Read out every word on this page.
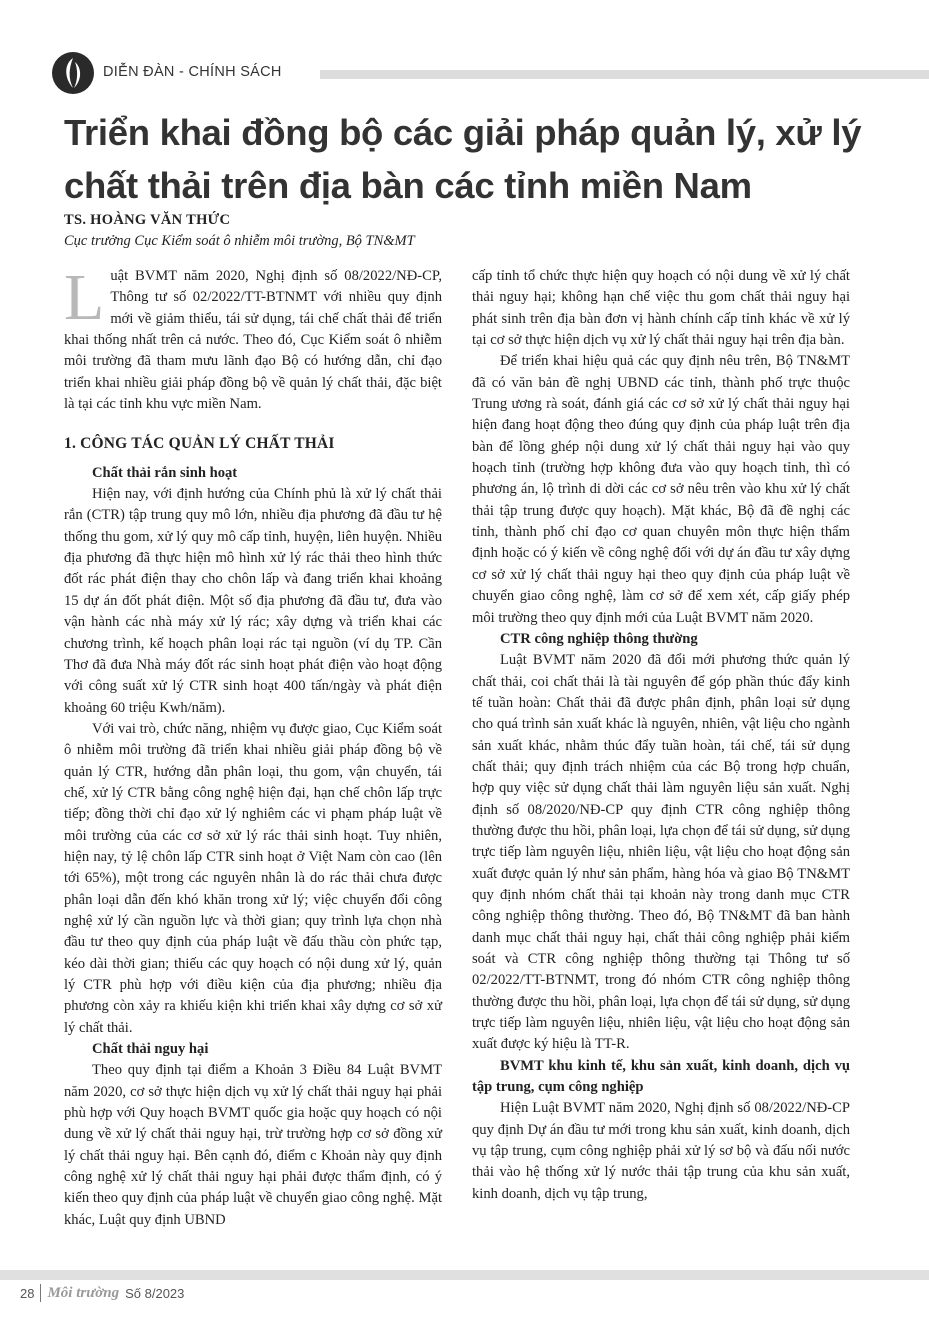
DIỄN ĐÀN - CHÍNH SÁCH
Triển khai đồng bộ các giải pháp quản lý, xử lý chất thải trên địa bàn các tỉnh miền Nam
TS. HOÀNG VĂN THỨC
Cục trưởng Cục Kiểm soát ô nhiễm môi trường, Bộ TN&MT

Luật BVMT năm 2020, Nghị định số 08/2022/NĐ-CP, Thông tư số 02/2022/TT-BTNMT với nhiều quy định mới về giảm thiểu, tái sử dụng, tái chế chất thải để triển khai thống nhất trên cả nước. Theo đó, Cục Kiểm soát ô nhiễm môi trường đã tham mưu lãnh đạo Bộ có hướng dẫn, chỉ đạo triển khai nhiều giải pháp đồng bộ về quản lý chất thải, đặc biệt là tại các tỉnh khu vực miền Nam.

1. CÔNG TÁC QUẢN LÝ CHẤT THẢI
Chất thải rắn sinh hoạt

Hiện nay, với định hướng của Chính phủ là xử lý chất thải rắn (CTR) tập trung quy mô lớn, nhiều địa phương đã đầu tư hệ thống thu gom, xử lý quy mô cấp tỉnh, huyện, liên huyện. Nhiều địa phương đã thực hiện mô hình xử lý rác thải theo hình thức đốt rác phát điện thay cho chôn lấp và đang triển khai khoảng 15 dự án đốt phát điện. Một số địa phương đã đầu tư, đưa vào vận hành các nhà máy xử lý rác; xây dựng và triển khai các chương trình, kế hoạch phân loại rác tại nguồn (ví dụ TP. Cần Thơ đã đưa Nhà máy đốt rác sinh hoạt phát điện vào hoạt động với công suất xử lý CTR sinh hoạt 400 tấn/ngày và phát điện khoảng 60 triệu Kwh/năm).

Với vai trò, chức năng, nhiệm vụ được giao, Cục Kiểm soát ô nhiễm môi trường đã triển khai nhiều giải pháp đồng bộ về quản lý CTR, hướng dẫn phân loại, thu gom, vận chuyển, tái chế, xử lý CTR bằng công nghệ hiện đại, hạn chế chôn lấp trực tiếp; đồng thời chỉ đạo xử lý nghiêm các vi phạm pháp luật về môi trường của các cơ sở xử lý rác thải sinh hoạt. Tuy nhiên, hiện nay, tỷ lệ chôn lấp CTR sinh hoạt ở Việt Nam còn cao (lên tới 65%), một trong các nguyên nhân là do rác thải chưa được phân loại dẫn đến khó khăn trong xử lý; việc chuyển đổi công nghệ xử lý cần nguồn lực và thời gian; quy trình lựa chọn nhà đầu tư theo quy định của pháp luật về đấu thầu còn phức tạp, kéo dài thời gian; thiếu các quy hoạch có nội dung xử lý, quản lý CTR phù hợp với điều kiện của địa phương; nhiều địa phương còn xảy ra khiếu kiện khi triển khai xây dựng cơ sở xử lý chất thải.

Chất thải nguy hại

Theo quy định tại điểm a Khoản 3 Điều 84 Luật BVMT năm 2020, cơ sở thực hiện dịch vụ xử lý chất thải nguy hại phải phù hợp với Quy hoạch BVMT quốc gia hoặc quy hoạch có nội dung về xử lý chất thải nguy hại, trừ trường hợp cơ sở đồng xử lý chất thải nguy hại. Bên cạnh đó, điểm c Khoản này quy định công nghệ xử lý chất thải nguy hại phải được thẩm định, có ý kiến theo quy định của pháp luật về chuyển giao công nghệ. Mặt khác, Luật quy định UBND

cấp tỉnh tổ chức thực hiện quy hoạch có nội dung về xử lý chất thải nguy hại; không hạn chế việc thu gom chất thải nguy hại phát sinh trên địa bàn đơn vị hành chính cấp tỉnh khác về xử lý tại cơ sở thực hiện dịch vụ xử lý chất thải nguy hại trên địa bàn.

Để triển khai hiệu quả các quy định nêu trên, Bộ TN&MT đã có văn bản đề nghị UBND các tỉnh, thành phố trực thuộc Trung ương rà soát, đánh giá các cơ sở xử lý chất thải nguy hại hiện đang hoạt động theo đúng quy định của pháp luật trên địa bàn để lồng ghép nội dung xử lý chất thải nguy hại vào quy hoạch tỉnh (trường hợp không đưa vào quy hoạch tỉnh, thì có phương án, lộ trình di dời các cơ sở nêu trên vào khu xử lý chất thải tập trung được quy hoạch). Mặt khác, Bộ đã đề nghị các tỉnh, thành phố chỉ đạo cơ quan chuyên môn thực hiện thẩm định hoặc có ý kiến về công nghệ đối với dự án đầu tư xây dựng cơ sở xử lý chất thải nguy hại theo quy định của pháp luật về chuyển giao công nghệ, làm cơ sở để xem xét, cấp giấy phép môi trường theo quy định mới của Luật BVMT năm 2020.

CTR công nghiệp thông thường

Luật BVMT năm 2020 đã đổi mới phương thức quản lý chất thải, coi chất thải là tài nguyên để góp phần thúc đẩy kinh tế tuần hoàn: Chất thải đã được phân định, phân loại sử dụng cho quá trình sản xuất khác là nguyên, nhiên, vật liệu cho ngành sản xuất khác, nhằm thúc đẩy tuần hoàn, tái chế, tái sử dụng chất thải; quy định trách nhiệm của các Bộ trong hợp chuẩn, hợp quy việc sử dụng chất thải làm nguyên liệu sản xuất. Nghị định số 08/2020/NĐ-CP quy định CTR công nghiệp thông thường được thu hồi, phân loại, lựa chọn để tái sử dụng, sử dụng trực tiếp làm nguyên liệu, nhiên liệu, vật liệu cho hoạt động sản xuất được quản lý như sản phẩm, hàng hóa và giao Bộ TN&MT quy định nhóm chất thải tại khoản này trong danh mục CTR công nghiệp thông thường. Theo đó, Bộ TN&MT đã ban hành danh mục chất thải nguy hại, chất thải công nghiệp phải kiểm soát và CTR công nghiệp thông thường tại Thông tư số 02/2022/TT-BTNMT, trong đó nhóm CTR công nghiệp thông thường được thu hồi, phân loại, lựa chọn để tái sử dụng, sử dụng trực tiếp làm nguyên liệu, nhiên liệu, vật liệu cho hoạt động sản xuất được ký hiệu là TT-R.

BVMT khu kinh tế, khu sản xuất, kinh doanh, dịch vụ tập trung, cụm công nghiệp

Hiện Luật BVMT năm 2020, Nghị định số 08/2022/NĐ-CP quy định Dự án đầu tư mới trong khu sản xuất, kinh doanh, dịch vụ tập trung, cụm công nghiệp phải xử lý sơ bộ và đấu nối nước thải vào hệ thống xử lý nước thải tập trung của khu sản xuất, kinh doanh, dịch vụ tập trung,

28 Môi trường Số 8/2023
